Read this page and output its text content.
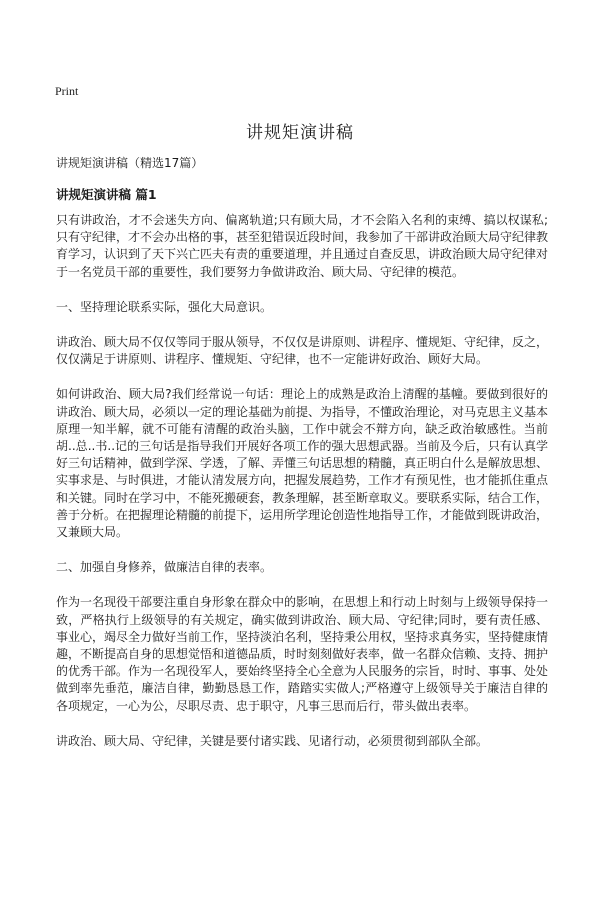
Print
讲规矩演讲稿
讲规矩演讲稿（精选17篇）
讲规矩演讲稿 篇1

只有讲政治，才不会迷失方向、偏离轨道;只有顾大局，才不会陷入名利的束缚、搞以权谋私;只有守纪律，才不会办出格的事，甚至犯错误近段时间，我参加了干部讲政治顾大局守纪律教育学习，认识到了天下兴亡匹夫有责的重要道理，并且通过自查反思，讲政治顾大局守纪律对于一名党员干部的重要性，我们要努力争做讲政治、顾大局、守纪律的模范。

一、坚持理论联系实际，强化大局意识。

讲政治、顾大局不仅仅等同于服从领导，不仅仅是讲原则、讲程序、懂规矩、守纪律，反之，仅仅满足于讲原则、讲程序、懂规矩、守纪律，也不一定能讲好政治、顾好大局。

如何讲政治、顾大局?我们经常说一句话：理论上的成熟是政治上清醒的基幢。要做到很好的讲政治、顾大局，必须以一定的理论基础为前提、为指导，不懂政治理论，对马克思主义基本原理一知半解，就不可能有清醒的政治头脑，工作中就会不辩方向，缺乏政治敏感性。当前胡..总..书..记的三句话是指导我们开展好各项工作的强大思想武器。当前及今后，只有认真学好三句话精神，做到学深、学透，了解、弄懂三句话思想的精髓，真正明白什么是解放思想、实事求是、与时俱进，才能认清发展方向，把握发展趋势，工作才有预见性，也才能抓住重点和关键。同时在学习中，不能死搬硬套，教条理解，甚至断章取义。要联系实际，结合工作，善于分析。在把握理论精髓的前提下，运用所学理论创造性地指导工作，才能做到既讲政治，又兼顾大局。

二、加强自身修养，做廉洁自律的表率。

作为一名现役干部要注重自身形象在群众中的影响，在思想上和行动上时刻与上级领导保持一致，严格执行上级领导的有关规定，确实做到讲政治、顾大局、守纪律;同时，要有责任感、事业心，竭尽全力做好当前工作，坚持淡泊名利，坚持秉公用权，坚持求真务实，坚持健康情趣，不断提高自身的思想觉悟和道德品质，时时刻刻做好表率，做一名群众信赖、支持、拥护的优秀干部。作为一名现役军人，要始终坚持全心全意为人民服务的宗旨，时时、事事、处处做到率先垂范，廉洁自律，勤勤恳恳工作，踏踏实实做人;严格遵守上级领导关于廉洁自律的各项规定，一心为公，尽职尽责、忠于职守，凡事三思而后行，带头做出表率。

讲政治、顾大局、守纪律，关键是要付诸实践、见诸行动，必须贯彻到部队全部。
